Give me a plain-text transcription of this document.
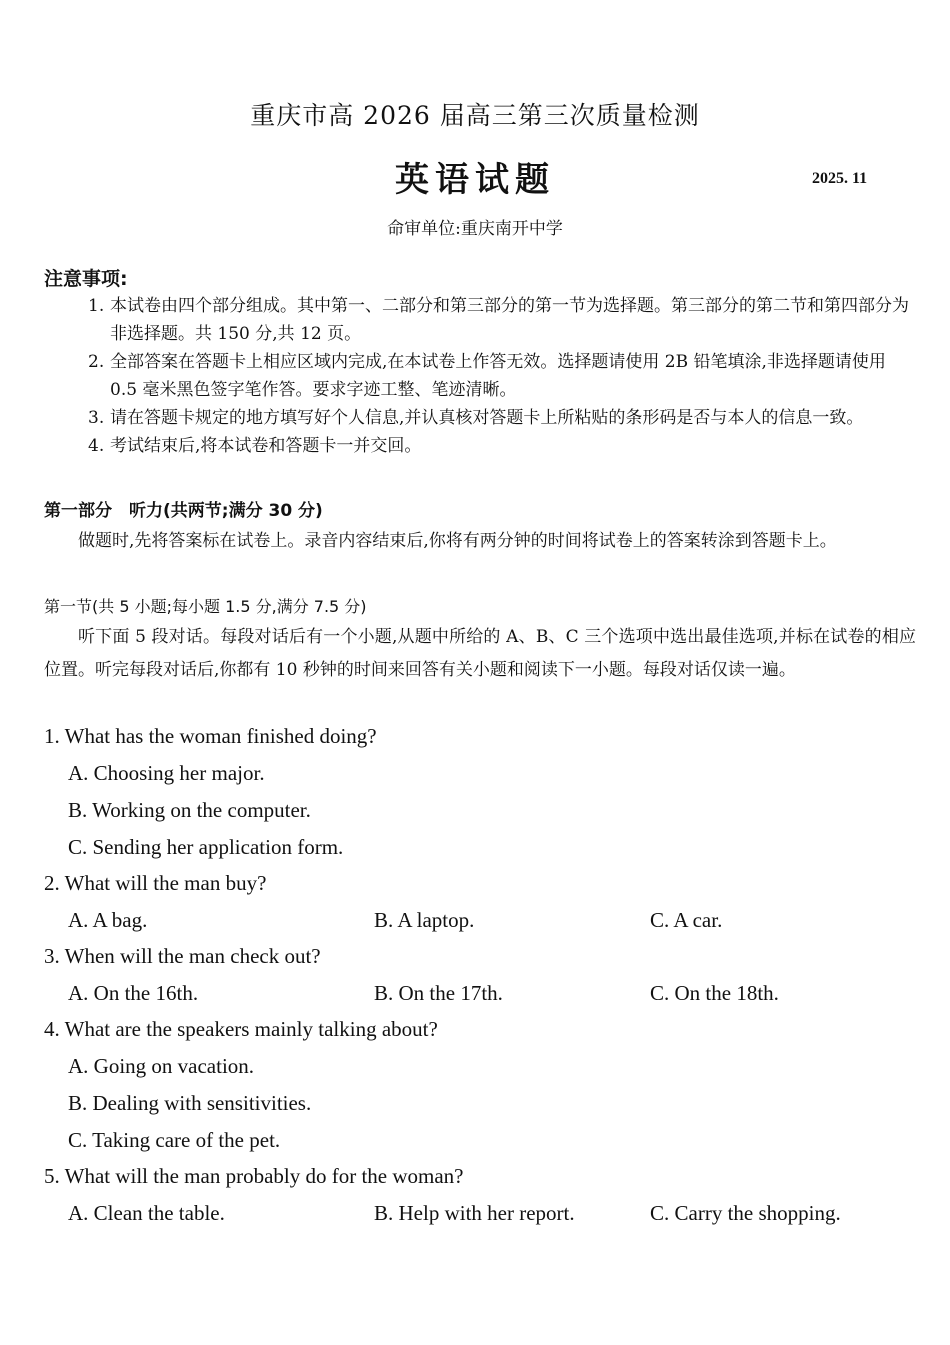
重庆市高 2026 届高三第三次质量检测
英语试题	2025. 11
命审单位:重庆南开中学
注意事项:
1. 本试卷由四个部分组成。其中第一、二部分和第三部分的第一节为选择题。第三部分的第二节和第四部分为非选择题。共 150 分,共 12 页。
2. 全部答案在答题卡上相应区域内完成,在本试卷上作答无效。选择题请使用 2B 铅笔填涂,非选择题请使用 0.5 毫米黑色签字笔作答。要求字迹工整、笔迹清晰。
3. 请在答题卡规定的地方填写好个人信息,并认真核对答题卡上所粘贴的条形码是否与本人的信息一致。
4. 考试结束后,将本试卷和答题卡一并交回。
第一部分　听力(共两节;满分 30 分)
做题时,先将答案标在试卷上。录音内容结束后,你将有两分钟的时间将试卷上的答案转涂到答题卡上。
第一节(共 5 小题;每小题 1.5 分,满分 7.5 分)
听下面 5 段对话。每段对话后有一个小题,从题中所给的 A、B、C 三个选项中选出最佳选项,并标在试卷的相应位置。听完每段对话后,你都有 10 秒钟的时间来回答有关小题和阅读下一小题。每段对话仅读一遍。
1. What has the woman finished doing?
A. Choosing her major.
B. Working on the computer.
C. Sending her application form.
2. What will the man buy?
A. A bag.	B. A laptop.	C. A car.
3. When will the man check out?
A. On the 16th.	B. On the 17th.	C. On the 18th.
4. What are the speakers mainly talking about?
A. Going on vacation.
B. Dealing with sensitivities.
C. Taking care of the pet.
5. What will the man probably do for the woman?
A. Clean the table.	B. Help with her report.	C. Carry the shopping.
